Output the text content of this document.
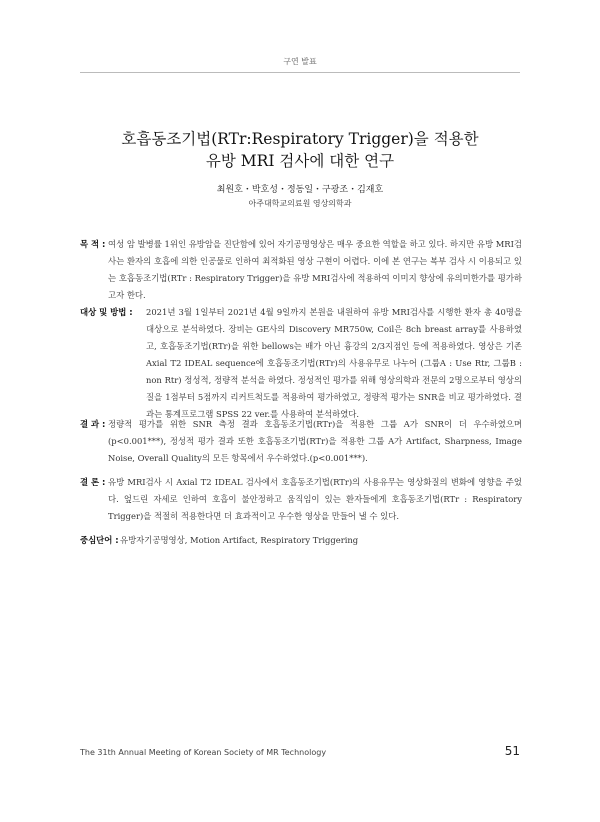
구연 발표
호흡동조기법(RTr:Respiratory Trigger)을 적용한
유방 MRI 검사에 대한 연구
최원호・박호성・정동일・구광조・김재호
아주대학교의료원 영상의학과
목 적 : 여성 암 발병률 1위인 유방암을 진단함에 있어 자기공명영상은 매우 중요한 역할을 하고 있다. 하지만 유방 MRI검사는 환자의 호흡에 의한 인공물로 인하여 최적화된 영상 구현이 어렵다. 이에 본 연구는 복부 검사 시 이용되고 있는 호흡동조기법(RTr : Respiratory Trigger)을 유방 MRI검사에 적용하여 이미지 향상에 유의미한가를 평가하고자 한다.
대상 및 방법 : 2021년 3월 1일부터 2021년 4월 9일까지 본원을 내원하여 유방 MRI검사를 시행한 환자 총 40명을 대상으로 분석하였다. 장비는 GE사의 Discovery MR750w, Coil은 8ch breast array를 사용하였고, 호흡동조기법(RTr)을 위한 bellows는 배가 아닌 흉강의 2/3지점인 등에 적용하였다. 영상은 기존 Axial T2 IDEAL sequence에 호흡동조기법(RTr)의 사용유무로 나누어 (그룹A : Use Rtr, 그룹B : non Rtr) 정성적, 정량적 분석을 하였다. 정성적인 평가를 위해 영상의학과 전문의 2명으로부터 영상의 질을 1점부터 5점까지 리커트척도를 적용하여 평가하였고, 정량적 평가는 SNR을 비교 평가하였다. 결과는 통계프로그램 SPSS 22 ver.를 사용하여 분석하였다.
결 과 : 정량적 평가를 위한 SNR 측정 결과 호흡동조기법(RTr)을 적용한 그룹 A가 SNR이 더 우수하였으며 (p<0.001***), 정성적 평가 결과 또한 호흡동조기법(RTr)을 적용한 그룹 A가 Artifact, Sharpness, Image Noise, Overall Quality의 모든 항목에서 우수하였다.(p<0.001***).
결 론 : 유방 MRI검사 시 Axial T2 IDEAL 검사에서 호흡동조기법(RTr)의 사용유무는 영상화질의 변화에 영향을 주었다. 엎드린 자세로 인하여 호흡이 불안정하고 움직임이 있는 환자들에게 호흡동조기법(RTr : Respiratory Trigger)을 적절히 적용한다면 더 효과적이고 우수한 영상을 만들어 낼 수 있다.
중심단어 : 유방자기공명영상, Motion Artifact, Respiratory Triggering
The 31th Annual Meeting of Korean Society of MR Technology	51
